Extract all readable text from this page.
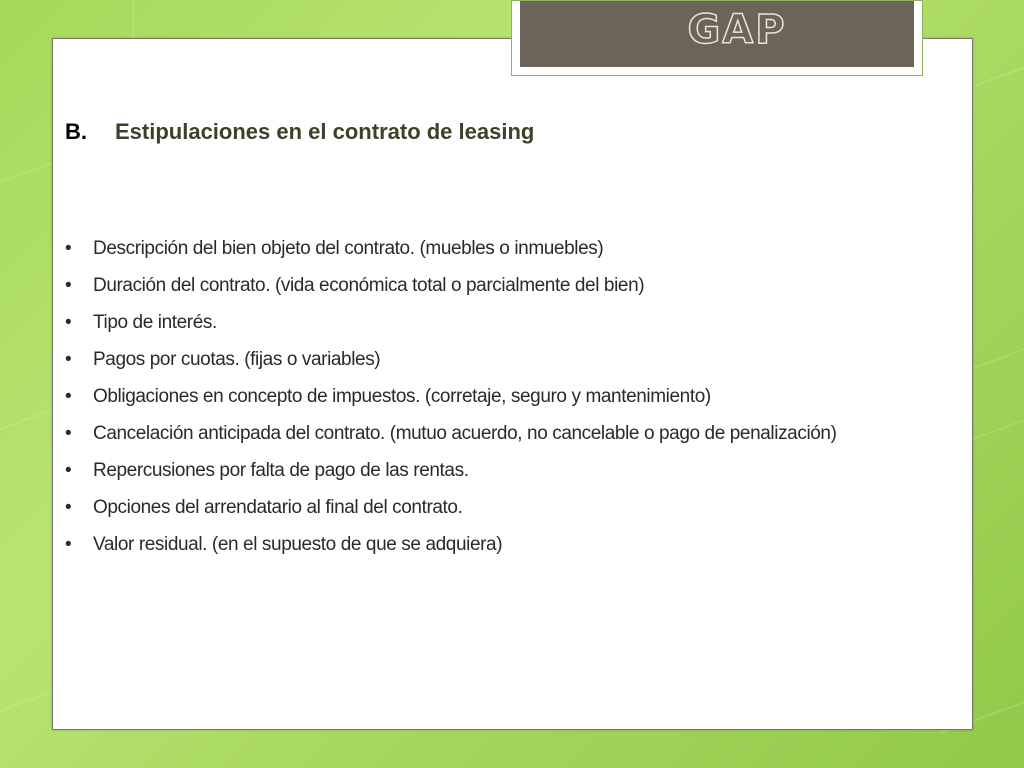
B. Estipulaciones en el contrato de leasing
• Descripción del bien objeto del contrato. (muebles o inmuebles)
• Duración del contrato. (vida económica total o parcialmente del bien)
• Tipo de interés.
• Pagos por cuotas. (fijas o variables)
• Obligaciones en concepto de impuestos. (corretaje, seguro y mantenimiento)
• Cancelación anticipada del contrato. (mutuo acuerdo, no cancelable o pago de penalización)
• Repercusiones por falta de pago de las rentas.
• Opciones del arrendatario al final del contrato.
• Valor residual. (en el supuesto de que se adquiera)
GAP
